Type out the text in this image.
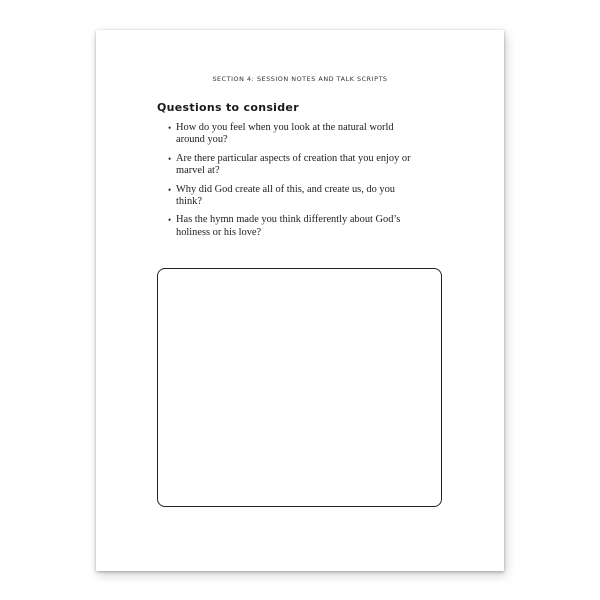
SECTION 4: SESSION NOTES AND TALK SCRIPTS
Questions to consider
• How do you feel when you look at the natural world around you?
• Are there particular aspects of creation that you enjoy or marvel at?
• Why did God create all of this, and create us, do you think?
• Has the hymn made you think differently about God’s holiness or his love?
